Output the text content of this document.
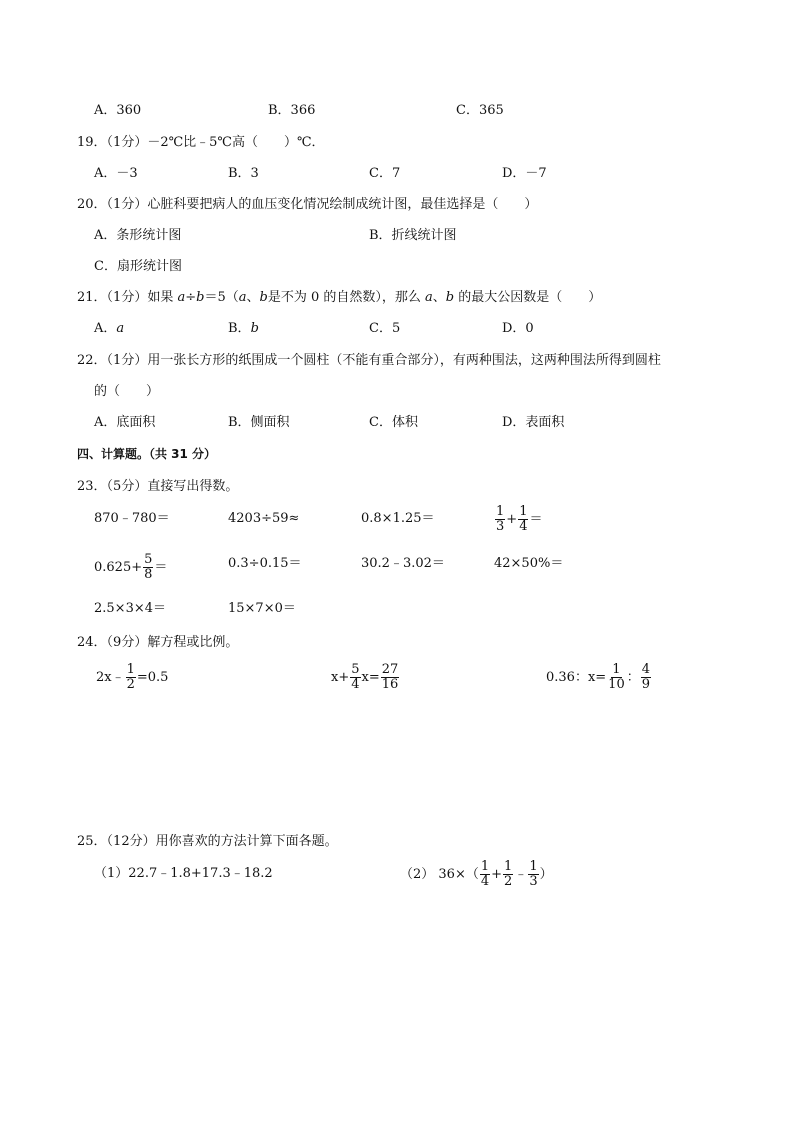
A．360	B．366	C．365
19．（1分）－2℃比﹣5℃高（　　）℃．
A．－3	B．3	C．7	D．－7
20．（1分）心脏科要把病人的血压变化情况绘制成统计图，最佳选择是（　　）
A．条形统计图	B．折线统计图
C．扇形统计图
21．（1分）如果 a÷b＝5（a、b是不为 0 的自然数），那么 a、b 的最大公因数是（　　）
A．a	B．b	C．5	D．0
22．（1分）用一张长方形的纸围成一个圆柱（不能有重合部分），有两种围法，这两种围法所得到圆柱
的（　　）
A．底面积	B．侧面积	C．体积	D．表面积
四、计算题。（共 31 分）
23．（5分）直接写出得数。
870﹣780＝	4203÷59≈	0.8×1.25＝	$\frac{1}{3} + \frac{1}{4}$ ＝
$0.625+ \frac{5}{8}$ ＝	0.3÷0.15＝	30.2﹣3.02＝	42×50%＝
2.5×3×4＝	15×7×0＝
24．（9分）解方程或比例。
2x﹣ $\frac{1}{2} =0.5$	$x+ \frac{5}{4} x= \frac{27}{16}$	0.36：$x= \frac{1}{10}$ ： $\frac{4}{9}$
25．（12分）用你喜欢的方法计算下面各题。
（1）22.7﹣1.8+17.3﹣18.2	（2） $36\times( \frac{1}{4} + \frac{1}{2}$ ﹣ $\frac{1}{3}$ ）
